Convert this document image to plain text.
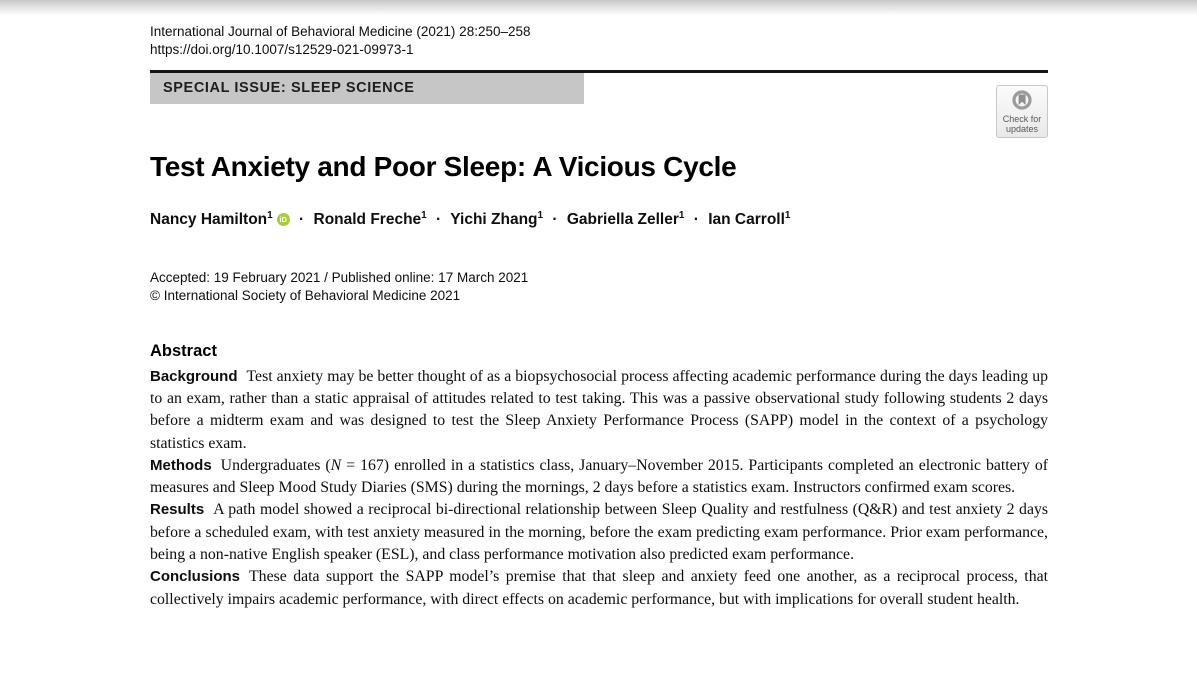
International Journal of Behavioral Medicine (2021) 28:250–258
https://doi.org/10.1007/s12529-021-09973-1
SPECIAL ISSUE: SLEEP SCIENCE
Test Anxiety and Poor Sleep: A Vicious Cycle
Nancy Hamilton$^1$ iD · Ronald Freche$^1$ · Yichi Zhang$^1$ · Gabriella Zeller$^1$ · Ian Carroll$^1$
Accepted: 19 February 2021 / Published online: 17 March 2021
© International Society of Behavioral Medicine 2021
Abstract

Background Test anxiety may be better thought of as a biopsychosocial process affecting academic performance during the days leading up to an exam, rather than a static appraisal of attitudes related to test taking. This was a passive observational study following students 2 days before a midterm exam and was designed to test the Sleep Anxiety Performance Process (SAPP) model in the context of a psychology statistics exam.

Methods Undergraduates (N = 167) enrolled in a statistics class, January–November 2015. Participants completed an electronic battery of measures and Sleep Mood Study Diaries (SMS) during the mornings, 2 days before a statistics exam. Instructors confirmed exam scores.

Results A path model showed a reciprocal bi-directional relationship between Sleep Quality and restfulness (Q&R) and test anxiety 2 days before a scheduled exam, with test anxiety measured in the morning, before the exam predicting exam performance. Prior exam performance, being a non-native English speaker (ESL), and class performance motivation also predicted exam performance.

Conclusions These data support the SAPP model’s premise that that sleep and anxiety feed one another, as a reciprocal process, that collectively impairs academic performance, with direct effects on academic performance, but with implications for overall student health.

Check for
updates
